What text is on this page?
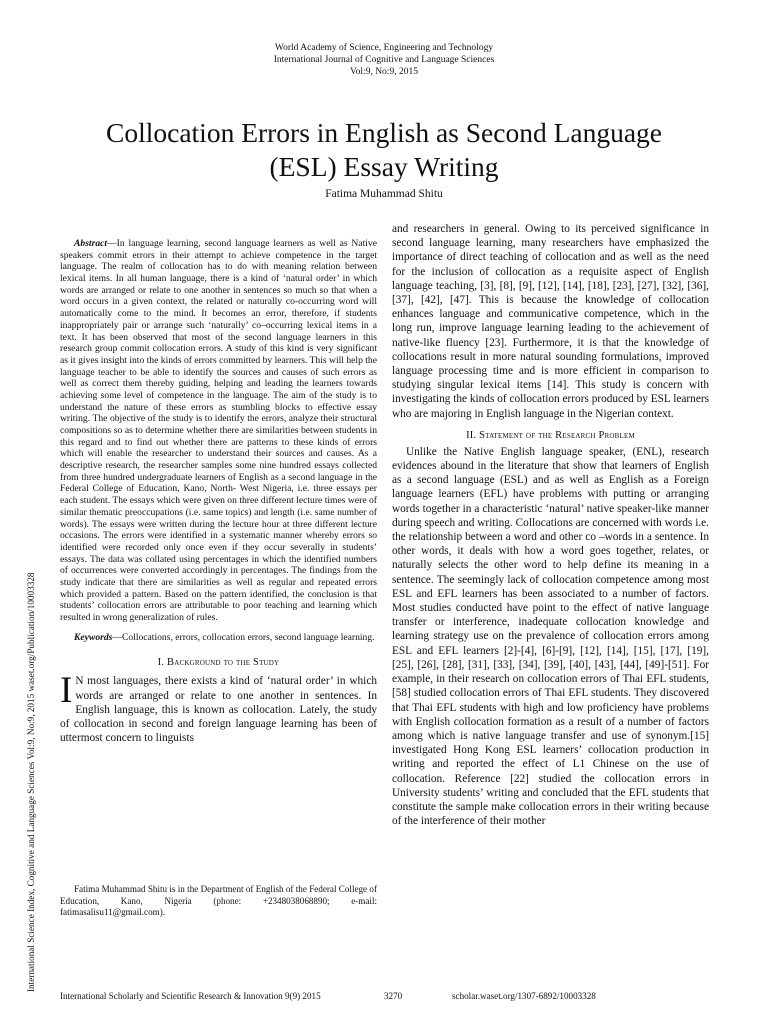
World Academy of Science, Engineering and Technology
International Journal of Cognitive and Language Sciences
Vol:9, No:9, 2015
Collocation Errors in English as Second Language
(ESL) Essay Writing
Fatima Muhammad Shitu
International Science Index, Cognitive and Language Sciences Vol:9, No:9, 2015 waset.org/Publication/10003328

Abstract—In language learning, second language learners as well as Native speakers commit errors in their attempt to achieve competence in the target language. The realm of collocation has to do with meaning relation between lexical items. In all human language, there is a kind of ‘natural order’ in which words are arranged or relate to one another in sentences so much so that when a word occurs in a given context, the related or naturally co-occurring word will automatically come to the mind. It becomes an error, therefore, if students inappropriately pair or arrange such ‘naturally’ co–occurring lexical items in a text. It has been observed that most of the second language learners in this research group commit collocation errors. A study of this kind is very significant as it gives insight into the kinds of errors committed by learners. This will help the language teacher to be able to identify the sources and causes of such errors as well as correct them thereby guiding, helping and leading the learners towards achieving some level of competence in the language. The aim of the study is to understand the nature of these errors as stumbling blocks to effective essay writing. The objective of the study is to identify the errors, analyze their structural compositions so as to determine whether there are similarities between students in this regard and to find out whether there are patterns to these kinds of errors which will enable the researcher to understand their sources and causes. As a descriptive research, the researcher samples some nine hundred essays collected from three hundred undergraduate learners of English as a second language in the Federal College of Education, Kano, North- West Nigeria, i.e. three essays per each student. The essays which were given on three different lecture times were of similar thematic preoccupations (i.e. same topics) and length (i.e. same number of words). The essays were written during the lecture hour at three different lecture occasions. The errors were identified in a systematic manner whereby errors so identified were recorded only once even if they occur severally in students’ essays. The data was collated using percentages in which the identified numbers of occurrences were converted accordingly in percentages. The findings from the study indicate that there are similarities as well as regular and repeated errors which provided a pattern. Based on the pattern identified, the conclusion is that students’ collocation errors are attributable to poor teaching and learning which resulted in wrong generalization of rules.

Keywords—Collocations, errors, collocation errors, second language learning.

I. Background to the Study

I N most languages, there exists a kind of ‘natural order’ in which words are arranged or relate to one another in sentences. In English language, this is known as collocation. Lately, the study of collocation in second and foreign language learning has been of uttermost concern to linguists

Fatima Muhammad Shitu is in the Department of English of the Federal College of Education, Kano, Nigeria (phone: +2348038068890; e-mail: fatimasalisu11@gmail.com).

and researchers in general. Owing to its perceived significance in second language learning, many researchers have emphasized the importance of direct teaching of collocation and as well as the need for the inclusion of collocation as a requisite aspect of English language teaching, [3], [8], [9], [12], [14], [18], [23], [27], [32], [36], [37], [42], [47]. This is because the knowledge of collocation enhances language and communicative competence, which in the long run, improve language learning leading to the achievement of native-like fluency [23]. Furthermore, it is that the knowledge of collocations result in more natural sounding formulations, improved language processing time and is more efficient in comparison to studying singular lexical items [14]. This study is concern with investigating the kinds of collocation errors produced by ESL learners who are majoring in English language in the Nigerian context.

II. Statement of the Research Problem

Unlike the Native English language speaker, (ENL), research evidences abound in the literature that show that learners of English as a second language (ESL) and as well as English as a Foreign language learners (EFL) have problems with putting or arranging words together in a characteristic ‘natural’ native speaker-like manner during speech and writing. Collocations are concerned with words i.e. the relationship between a word and other co –words in a sentence. In other words, it deals with how a word goes together, relates, or naturally selects the other word to help define its meaning in a sentence. The seemingly lack of collocation competence among most ESL and EFL learners has been associated to a number of factors. Most studies conducted have point to the effect of native language transfer or interference, inadequate collocation knowledge and learning strategy use on the prevalence of collocation errors among ESL and EFL learners [2]-[4], [6]-[9], [12], [14], [15], [17], [19], [25], [26], [28], [31], [33], [34], [39], [40], [43], [44], [49]-[51]. For example, in their research on collocation errors of Thai EFL students, [58] studied collocation errors of Thai EFL students. They discovered that Thai EFL students with high and low proficiency have problems with English collocation formation as a result of a number of factors among which is native language transfer and use of synonym.[15] investigated Hong Kong ESL learners’ collocation production in writing and reported the effect of L1 Chinese on the use of collocation. Reference [22] studied the collocation errors in University students’ writing and concluded that the EFL students that constitute the sample make collocation errors in their writing because of the interference of their mother

International Scholarly and Scientific Research & Innovation 9(9) 2015	3270	scholar.waset.org/1307-6892/10003328
